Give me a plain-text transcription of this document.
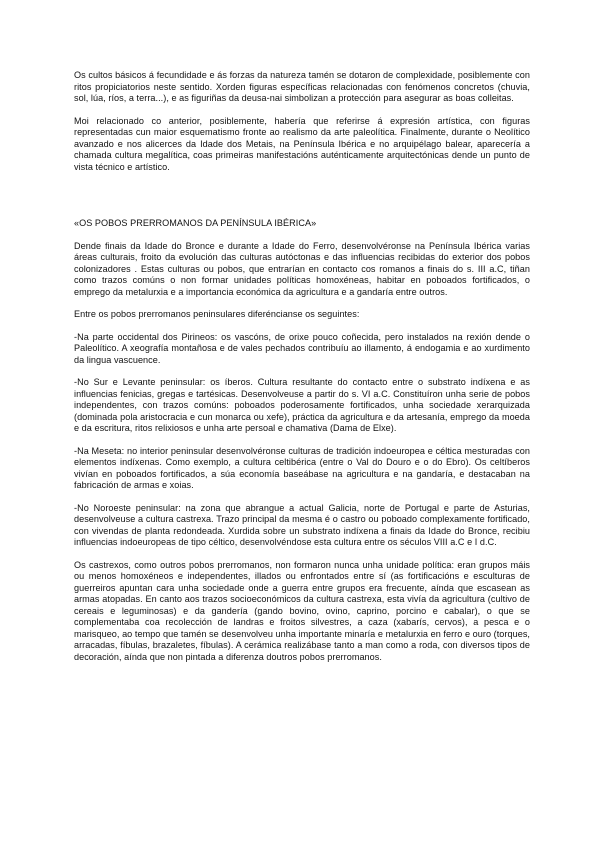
Os cultos básicos á fecundidade e ás forzas da natureza tamén se dotaron de complexidade, posiblemente con ritos propiciatorios neste sentido. Xorden figuras específicas relacionadas con fenómenos concretos (chuvia, sol, lúa, ríos, a terra...), e as figuriñas da deusa-nai simbolizan a protección para asegurar as boas colleitas.

Moi relacionado co anterior, posiblemente, habería que referirse á expresión artística, con figuras representadas cun maior esquematismo fronte ao realismo da arte paleolítica. Finalmente, durante o Neolítico avanzado e nos alicerces da Idade dos Metais, na Península Ibérica e no arquipélago balear, aparecería a chamada cultura megalítica, coas primeiras manifestacións auténticamente arquitectónicas dende un punto de vista técnico e artístico.

«OS POBOS PRERROMANOS DA PENÍNSULA IBÉRICA»

Dende finais da Idade do Bronce e durante a Idade do Ferro, desenvolvéronse na Península Ibérica varias áreas culturais, froito da evolución das culturas autóctonas e das influencias recibidas do exterior dos pobos colonizadores . Estas culturas ou pobos, que entrarían en contacto cos romanos a finais do s. III a.C, tiñan como trazos comúns o non formar unidades políticas homoxéneas, habitar en poboados fortificados, o emprego da metalurxia e a importancia económica da agricultura e a gandaría entre outros.

Entre os pobos prerromanos peninsulares diferéncianse os seguintes:

-Na parte occidental dos Pirineos: os vascóns, de orixe pouco coñecida, pero instalados na rexión dende o Paleolítico. A xeografía montañosa e de vales pechados contribuíu ao illamento, á endogamia e ao xurdimento da lingua vascuence.

-No Sur e Levante peninsular: os íberos. Cultura resultante do contacto entre o substrato indíxena e as influencias fenicias, gregas e tartésicas. Desenvolveuse a partir do s. VI a.C. Constituíron unha serie de pobos independentes, con trazos comúns: poboados poderosamente fortificados, unha sociedade xerarquizada (dominada pola aristocracia e cun monarca ou xefe), práctica da agricultura e da artesanía, emprego da moeda e da escritura, ritos relixiosos e unha arte persoal e chamativa (Dama de Elxe).

-Na Meseta: no interior peninsular desenvolvéronse culturas de tradición indoeuropea e céltica mesturadas con elementos indíxenas. Como exemplo, a cultura celtibérica (entre o Val do Douro e o do Ebro). Os celtíberos vivían en poboados fortificados, a súa economía baseábase na agricultura e na gandaría, e destacaban na fabricación de armas e xoias.

-No Noroeste peninsular: na zona que abrangue a actual Galicia, norte de Portugal e parte de Asturias, desenvolveuse a cultura castrexa. Trazo principal da mesma é o castro ou poboado complexamente fortificado, con vivendas de planta redondeada. Xurdida sobre un substrato indíxena a finais da Idade do Bronce, recibiu influencias indoeuropeas de tipo céltico, desenvolvéndose esta cultura entre os séculos VIII a.C e I d.C.

Os castrexos, como outros pobos prerromanos, non formaron nunca unha unidade política: eran grupos máis ou menos homoxéneos e independentes, illados ou enfrontados entre sí (as fortificacións e esculturas de guerreiros apuntan cara unha sociedade onde a guerra entre grupos era frecuente, aínda que escasean as armas atopadas. En canto aos trazos socioeconómicos da cultura castrexa, esta vivía da agricultura (cultivo de cereais e leguminosas) e da gandería (gando bovino, ovino, caprino, porcino e cabalar), o que se complementaba coa recolección de landras e froitos silvestres, a caza (xabarís, cervos), a pesca e o marisqueo, ao tempo que tamén se desenvolveu unha importante minaría e metalurxia en ferro e ouro (torques, arracadas, fíbulas, brazaletes, fíbulas). A cerámica realizábase tanto a man como a roda, con diversos tipos de decoración, aínda que non pintada a diferenza doutros pobos prerromanos.
